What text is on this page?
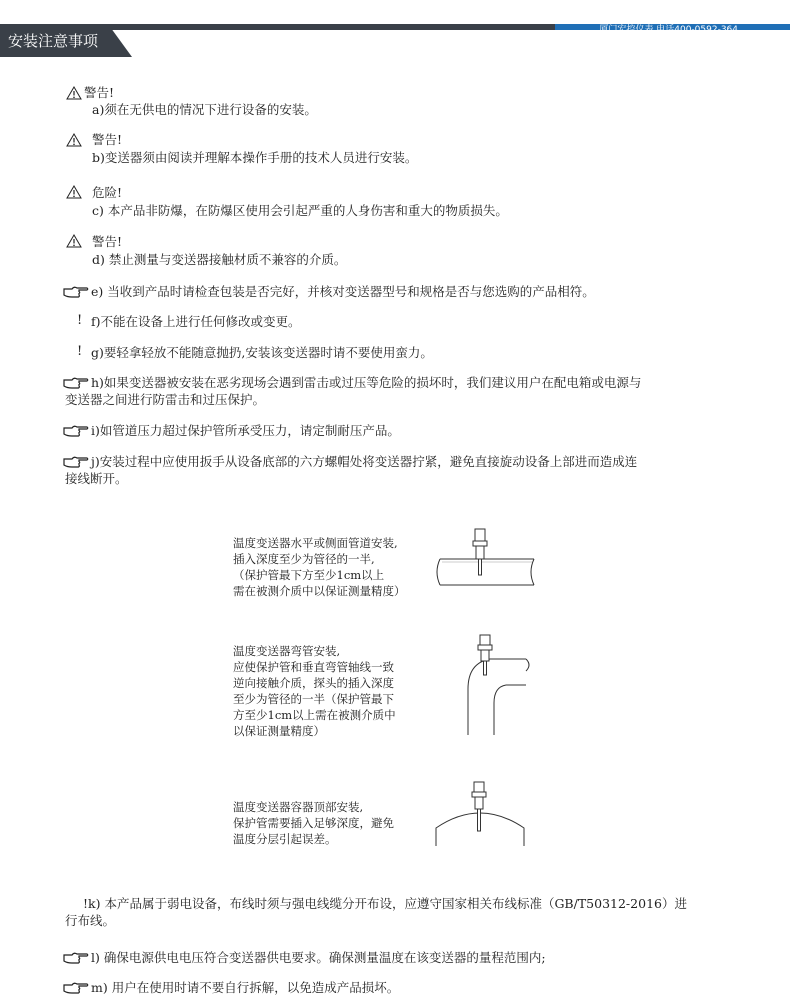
安装注意事项
厦门宏控仪表 电话400-0592-364
警告!
a)须在无供电的情况下进行设备的安装。
警告!
b)变送器须由阅读并理解本操作手册的技术人员进行安装。
危险!
c) 本产品非防爆，在防爆区使用会引起严重的人身伤害和重大的物质损失。
警告!
d) 禁止测量与变送器接触材质不兼容的介质。
e) 当收到产品时请检查包装是否完好，并核对变送器型号和规格是否与您选购的产品相符。
! f)不能在设备上进行任何修改或变更。
! g)要轻拿轻放不能随意抛扔,安装该变送器时请不要使用蛮力。
h)如果变送器被安装在恶劣现场会遇到雷击或过压等危险的损坏时，我们建议用户在配电箱或电源与
变送器之间进行防雷击和过压保护。
i)如管道压力超过保护管所承受压力，请定制耐压产品。
j)安装过程中应使用扳手从设备底部的六方螺帽处将变送器拧紧，避免直接旋动设备上部进而造成连
接线断开。
温度变送器水平或侧面管道安装,
插入深度至少为管径的一半,
（保护管最下方至少1cm以上
需在被测介质中以保证测量精度）
温度变送器弯管安装,
应使保护管和垂直弯管轴线一致
逆向接触介质，探头的插入深度
至少为管径的一半（保护管最下
方至少1cm以上需在被测介质中
以保证测量精度）
温度变送器容器顶部安装,
保护管需要插入足够深度，避免
温度分层引起误差。
!k) 本产品属于弱电设备，布线时须与强电线缆分开布设，应遵守国家相关布线标准（GB/T50312-2016）进
行布线。
l) 确保电源供电电压符合变送器供电要求。确保测量温度在该变送器的量程范围内;
m) 用户在使用时请不要自行拆解，以免造成产品损坏。
